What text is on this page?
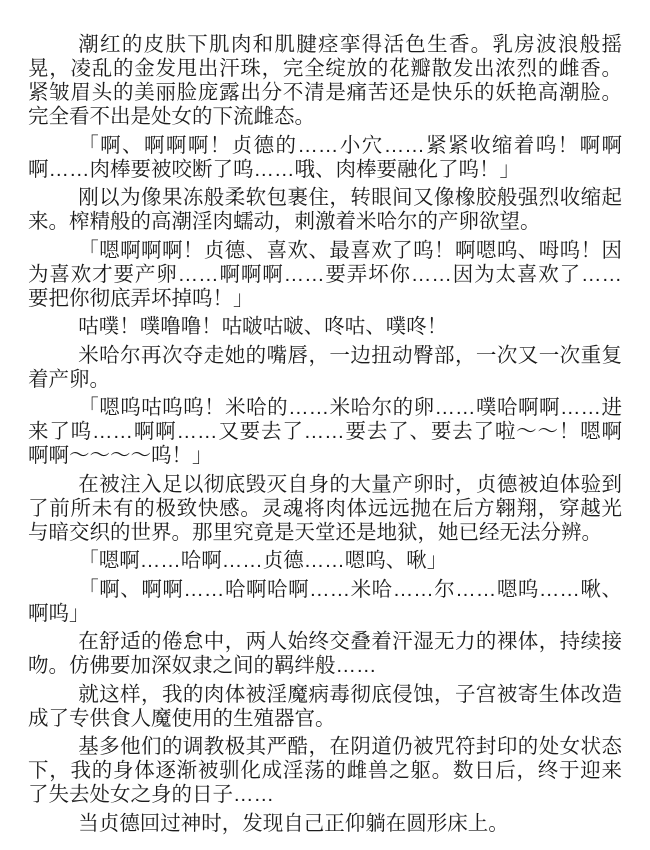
潮红的皮肤下肌肉和肌腱痉挛得活色生香。乳房波浪般摇晃，凌乱的金发甩出汗珠，完全绽放的花瓣散发出浓烈的雌香。紧皱眉头的美丽脸庞露出分不清是痛苦还是快乐的妖艳高潮脸。完全看不出是处女的下流雌态。

「啊、啊啊啊！贞德的……小穴……紧紧收缩着呜！啊啊啊……肉棒要被咬断了呜……哦、肉棒要融化了呜！」

刚以为像果冻般柔软包裹住，转眼间又像橡胶般强烈收缩起来。榨精般的高潮淫肉蠕动，刺激着米哈尔的产卵欲望。

「嗯啊啊啊！贞德、喜欢、最喜欢了呜！啊嗯呜、呣呜！因为喜欢才要产卵……啊啊啊……要弄坏你……因为太喜欢了……要把你彻底弄坏掉呜！」

咕噗！噗噜噜！咕啵咕啵、咚咕、噗咚！

米哈尔再次夺走她的嘴唇，一边扭动臀部，一次又一次重复着产卵。

「嗯呜咕呜呜！米哈的……米哈尔的卵……噗哈啊啊……进来了呜……啊啊……又要去了……要去了、要去了啦～～！嗯啊啊啊～～～～呜！」

在被注入足以彻底毁灭自身的大量产卵时，贞德被迫体验到了前所未有的极致快感。灵魂将肉体远远抛在后方翱翔，穿越光与暗交织的世界。那里究竟是天堂还是地狱，她已经无法分辨。

「嗯啊……哈啊……贞德……嗯呜、啾」

「啊、啊啊……哈啊哈啊……米哈……尔……嗯呜……啾、啊呜」

在舒适的倦怠中，两人始终交叠着汗湿无力的裸体，持续接吻。仿佛要加深奴隶之间的羁绊般……

就这样，我的肉体被淫魔病毒彻底侵蚀，子宫被寄生体改造成了专供食人魔使用的生殖器官。

基多他们的调教极其严酷，在阴道仍被咒符封印的处女状态下，我的身体逐渐被驯化成淫荡的雌兽之躯。数日后，终于迎来了失去处女之身的日子……

当贞德回过神时，发现自己正仰躺在圆形床上。
